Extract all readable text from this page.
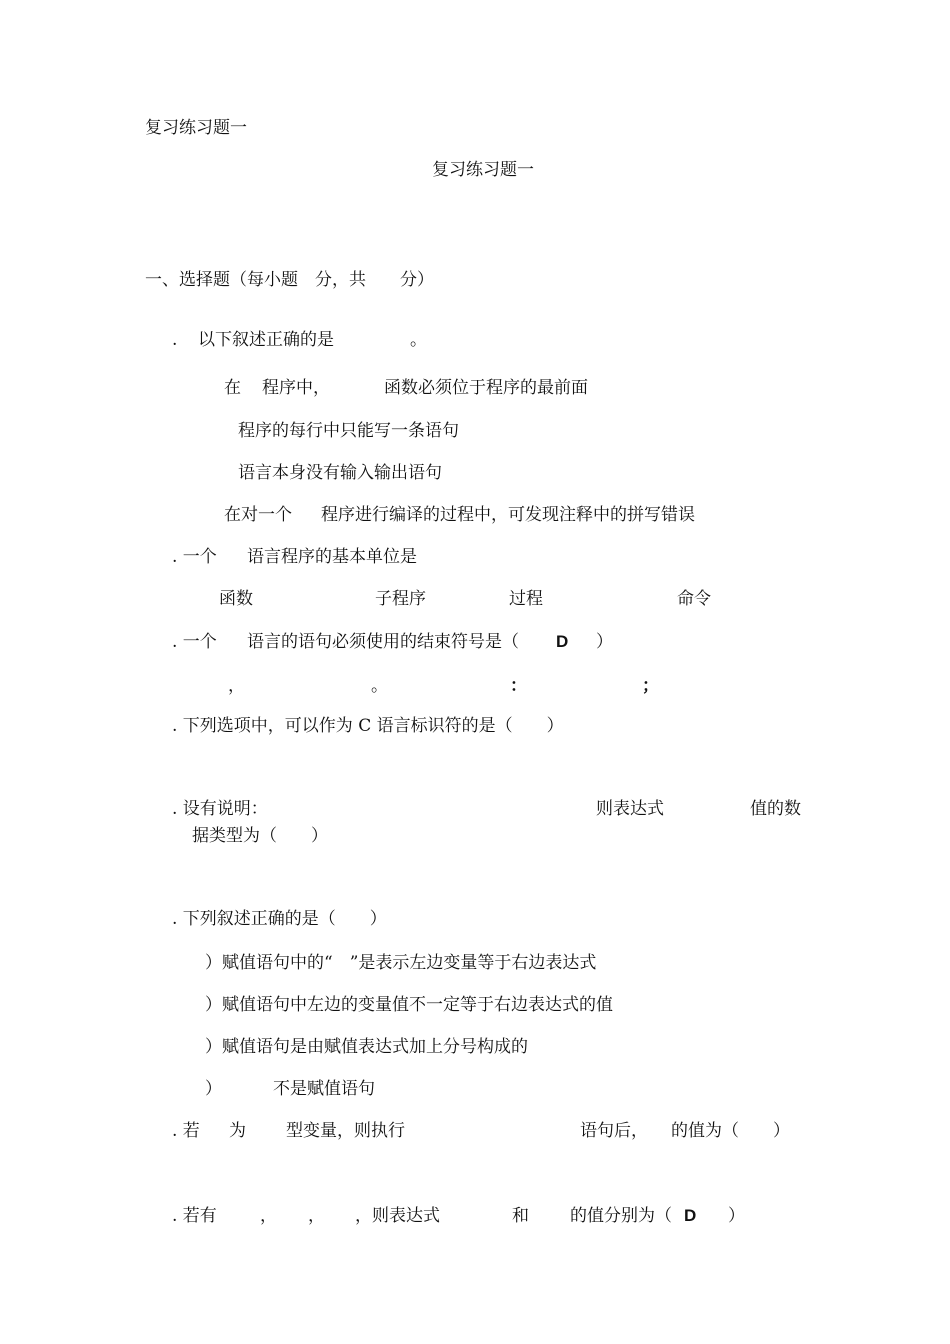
复习练习题一
复习练习题一
一、选择题（每小题　分，共　　分）
. 以下叙述正确的是	。
在 程序中，	函数必须位于程序的最前面
程序的每行中只能写一条语句
语言本身没有输入输出语句
在对一个 程序进行编译的过程中，可发现注释中的拼写错误
. 一个 语言程序的基本单位是
函数	子程序	过程	命令
. 一个 语言的语句必须使用的结束符号是（ D ）
，	。	：	；
. 下列选项中，可以作为 C 语言标识符的是（　　）
. 设有说明：	则表达式	值的数
据类型为（　　）
. 下列叙述正确的是（　　）
）赋值语句中的“　”是表示左边变量等于右边表达式
）赋值语句中左边的变量值不一定等于右边表达式的值
）赋值语句是由赋值表达式加上分号构成的
）	不是赋值语句
. 若 为 型变量，则执行	语句后， 的值为（　　）
. 若有	， ， ，则表达式	和 的值分别为（ D ）
